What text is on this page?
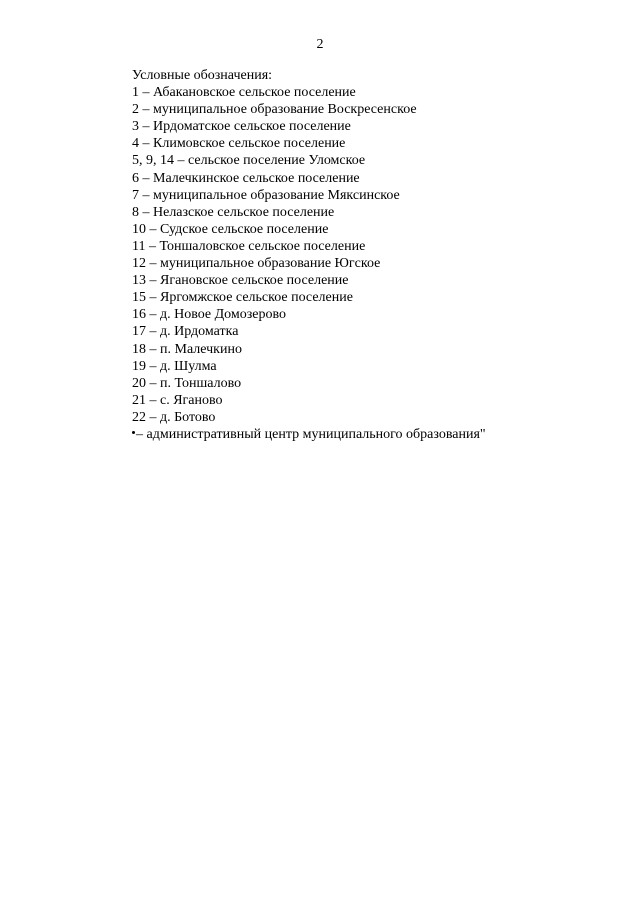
2
Условные обозначения:
1 – Абакановское сельское поселение
2 – муниципальное образование Воскресенское
3 – Ирдоматское сельское поселение
4 – Климовское сельское поселение
5, 9, 14 – сельское поселение Уломское
6 – Малечкинское сельское поселение
7 – муниципальное образование Мяксинское
8 – Нелазское сельское поселение
10 – Судское сельское поселение
11 – Тоншаловское сельское поселение
12 – муниципальное образование Югское
13 – Ягановское сельское поселение
15 – Яргомжское сельское поселение
16 – д. Новое Домозерово
17 – д. Ирдоматка
18 – п. Малечкино
19 – д. Шулма
20 – п. Тоншалово
21 – с. Яганово
22 – д. Ботово
– административный центр муниципального образования"
